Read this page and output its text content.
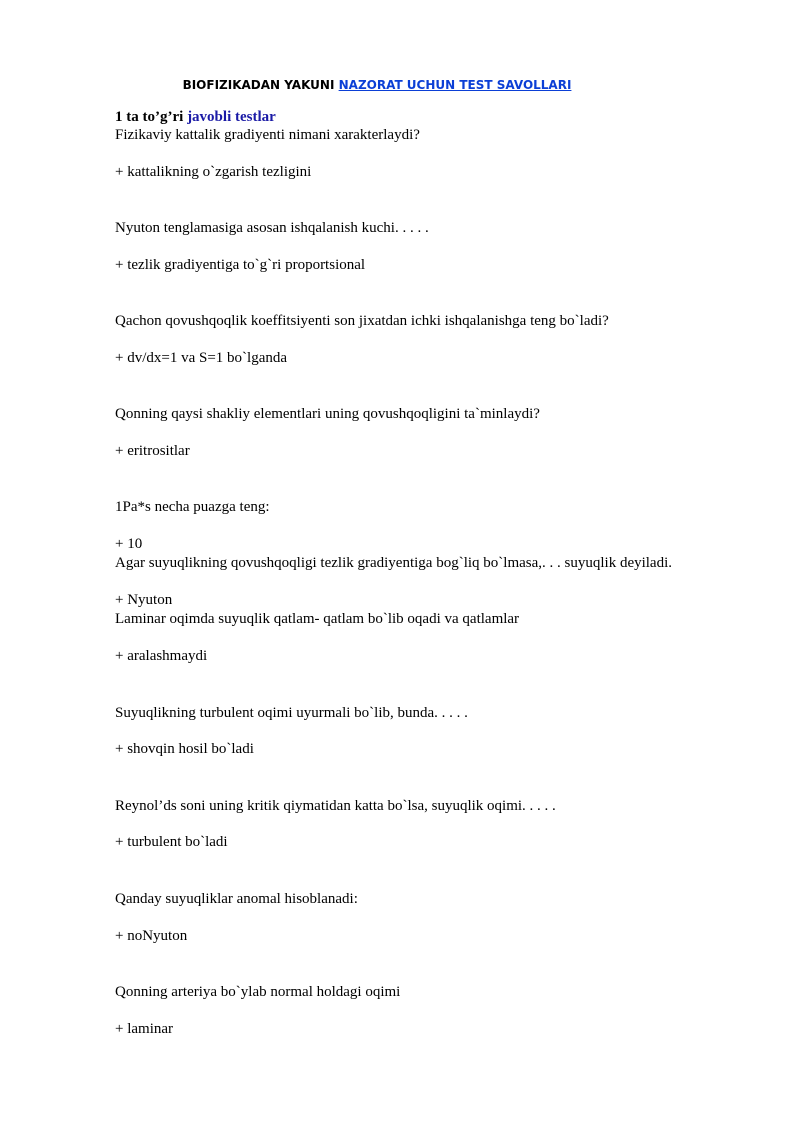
BIOFIZIKADAN YAKUNI NAZORAT UCHUN TEST SAVOLLARI
1 ta to’g’ri javobli testlar
Fizikaviy kattalik gradiyenti nimani xarakterlaydi?
+ kattalikning o`zgarish tezligini
Nyuton tenglamasiga asosan ishqalanish kuchi. . . . .
+ tezlik gradiyentiga to`g`ri proportsional
Qachon qovushqoqlik koeffitsiyenti son jixatdan ichki ishqalanishga teng bo`ladi?
+ dv/dx=1 va S=1 bo`lganda
Qonning qaysi shakliy elementlari uning qovushqoqligini ta`minlaydi?
+ eritrositlar
1Pa*s necha puazga teng:
+ 10
Agar suyuqlikning qovushqoqligi tezlik gradiyentiga bog`liq bo`lmasa,. . . suyuqlik deyiladi.
+ Nyuton
Laminar oqimda suyuqlik qatlam- qatlam bo`lib oqadi va qatlamlar
+ aralashmaydi
Suyuqlikning turbulent oqimi uyurmali bo`lib, bunda. . . . .
+ shovqin hosil bo`ladi
Reynol’ds soni uning kritik qiymatidan katta bo`lsa, suyuqlik oqimi. . . . .
+ turbulent bo`ladi
Qanday suyuqliklar anomal hisoblanadi:
+ noNyuton
Qonning arteriya bo`ylab normal holdagi oqimi
+ laminar
